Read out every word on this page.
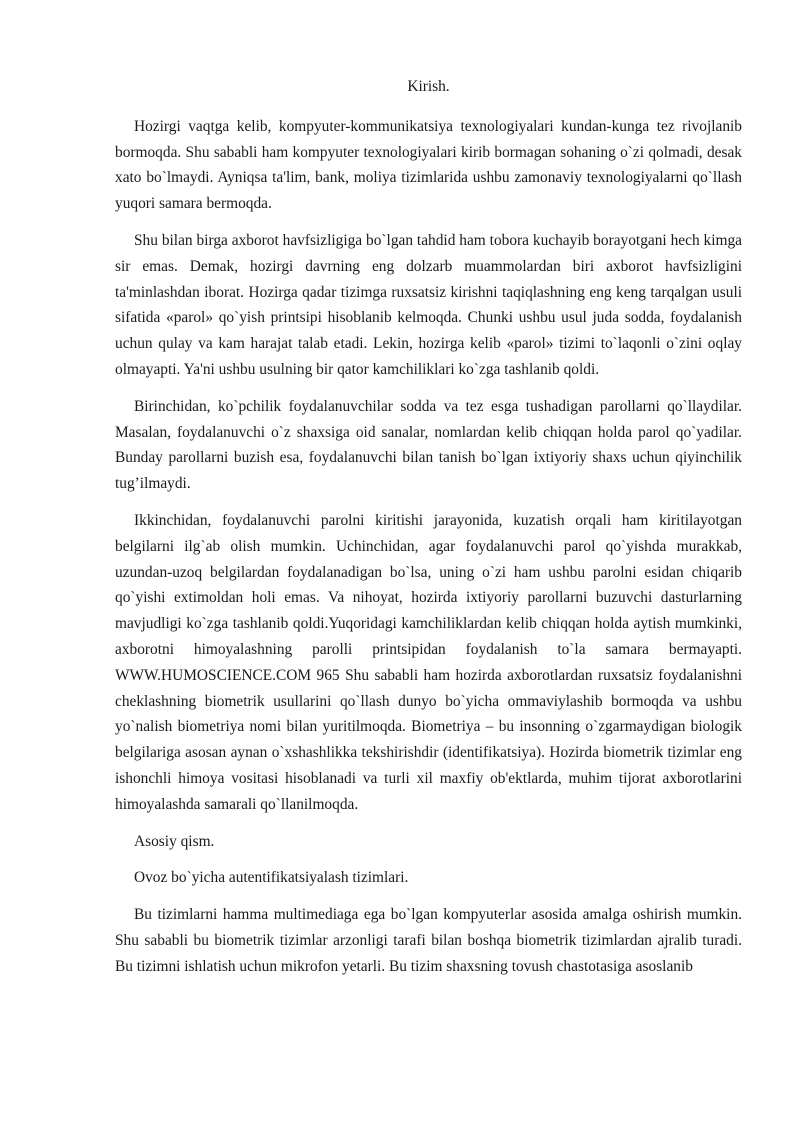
Kirish.

Hozirgi vaqtga kelib, kompyuter-kommunikatsiya texnologiyalari kundan-kunga tez rivojlanib bormoqda. Shu sababli ham kompyuter texnologiyalari kirib bormagan sohaning o`zi qolmadi, desak xato bo`lmaydi. Ayniqsa ta'lim, bank, moliya tizimlarida ushbu zamonaviy texnologiyalarni qo`llash yuqori samara bermoqda.

Shu bilan birga axborot havfsizligiga bo`lgan tahdid ham tobora kuchayib borayotgani hech kimga sir emas. Demak, hozirgi davrning eng dolzarb muammolardan biri axborot havfsizligini ta'minlashdan iborat. Hozirga qadar tizimga ruxsatsiz kirishni taqiqlashning eng keng tarqalgan usuli sifatida «parol» qo`yish printsipi hisoblanib kelmoqda. Chunki ushbu usul juda sodda, foydalanish uchun qulay va kam harajat talab etadi. Lekin, hozirga kelib «parol» tizimi to`laqonli o`zini oqlay olmayapti. Ya'ni ushbu usulning bir qator kamchiliklari ko`zga tashlanib qoldi.

Birinchidan, ko`pchilik foydalanuvchilar sodda va tez esga tushadigan parollarni qo`llaydilar. Masalan, foydalanuvchi o`z shaxsiga oid sanalar, nomlardan kelib chiqqan holda parol qo`yadilar. Bunday parollarni buzish esa, foydalanuvchi bilan tanish bo`lgan ixtiyoriy shaxs uchun qiyinchilik tug’ilmaydi.

Ikkinchidan, foydalanuvchi parolni kiritishi jarayonida, kuzatish orqali ham kiritilayotgan belgilarni ilg`ab olish mumkin. Uchinchidan, agar foydalanuvchi parol qo`yishda murakkab, uzundan-uzoq belgilardan foydalanadigan bo`lsa, uning o`zi ham ushbu parolni esidan chiqarib qo`yishi extimoldan holi emas. Va nihoyat, hozirda ixtiyoriy parollarni buzuvchi dasturlarning mavjudligi ko`zga tashlanib qoldi.Yuqoridagi kamchiliklardan kelib chiqqan holda aytish mumkinki, axborotni himoyalashning parolli printsipidan foydalanish to`la samara bermayapti. WWW.HUMOSCIENCE.COM 965 Shu sababli ham hozirda axborotlardan ruxsatsiz foydalanishni cheklashning biometrik usullarini qo`llash dunyo bo`yicha ommaviylashib bormoqda va ushbu yo`nalish biometriya nomi bilan yuritilmoqda. Biometriya – bu insonning o`zgarmaydigan biologik belgilariga asosan aynan o`xshashlikka tekshirishdir (identifikatsiya). Hozirda biometrik tizimlar eng ishonchli himoya vositasi hisoblanadi va turli xil maxfiy ob'ektlarda, muhim tijorat axborotlarini himoyalashda samarali qo`llanilmoqda.

Asosiy qism.

Ovoz bo`yicha autentifikatsiyalash tizimlari.

Bu tizimlarni hamma multimediaga ega bo`lgan kompyuterlar asosida amalga oshirish mumkin. Shu sababli bu biometrik tizimlar arzonligi tarafi bilan boshqa biometrik tizimlardan ajralib turadi. Bu tizimni ishlatish uchun mikrofon yetarli. Bu tizim shaxsning tovush chastotasiga asoslanib
